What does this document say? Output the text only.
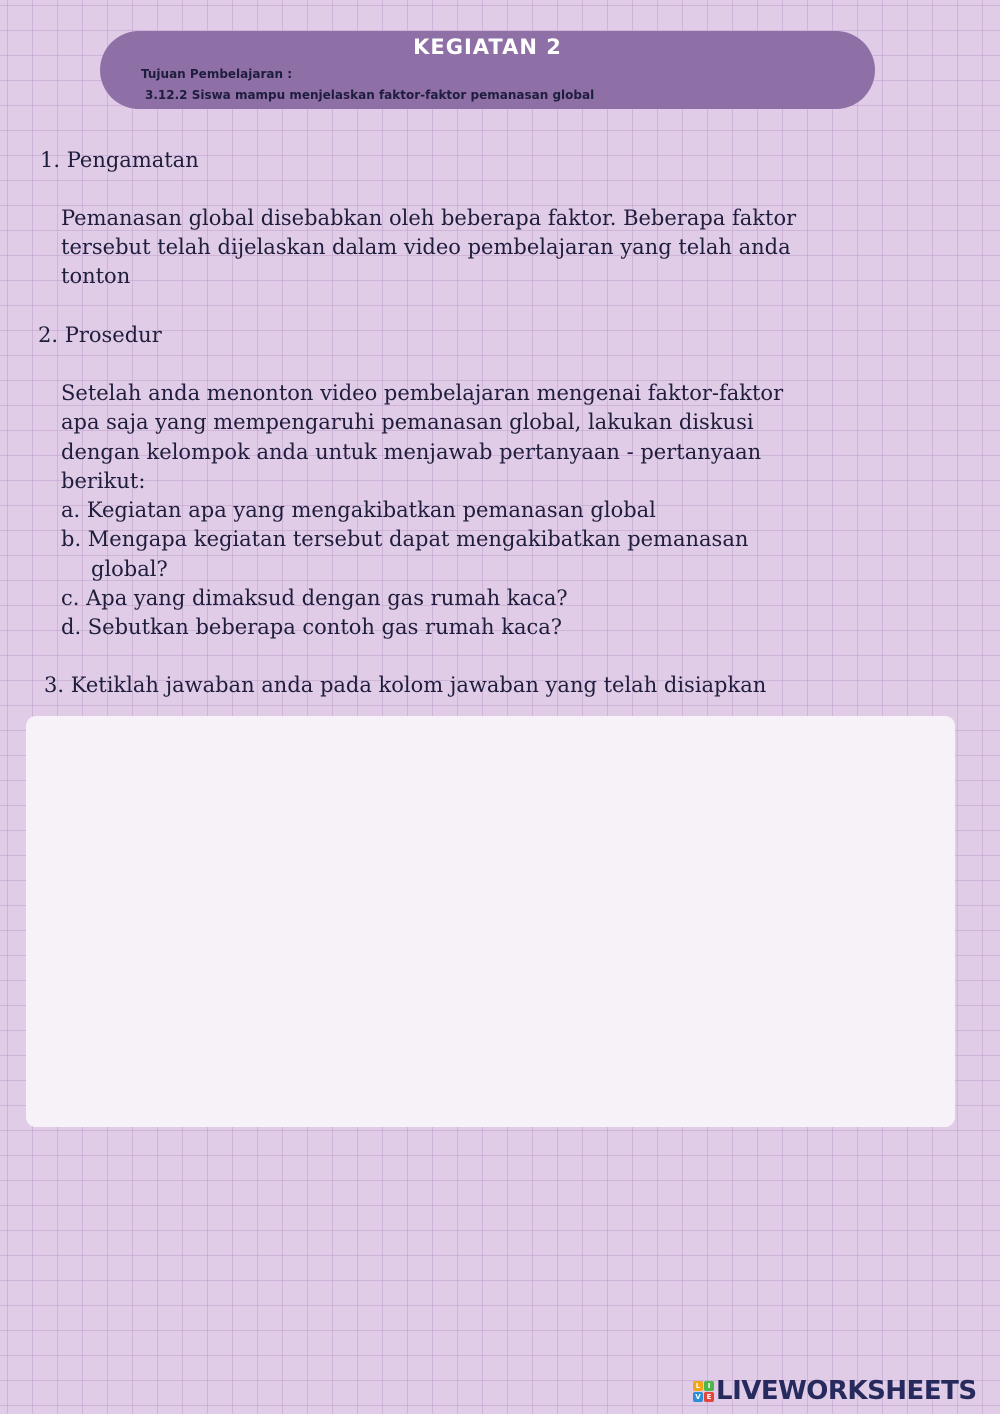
KEGIATAN 2
Tujuan Pembelajaran :
3.12.2 Siswa mampu menjelaskan faktor-faktor pemanasan global
1. Pengamatan
Pemanasan global disebabkan oleh beberapa faktor. Beberapa faktor
tersebut telah dijelaskan dalam video pembelajaran yang telah anda
tonton
2. Prosedur
Setelah anda menonton video pembelajaran mengenai faktor-faktor
apa saja yang mempengaruhi pemanasan global, lakukan diskusi
dengan kelompok anda untuk menjawab pertanyaan - pertanyaan
berikut:
a. Kegiatan apa yang mengakibatkan pemanasan global
b. Mengapa kegiatan tersebut dapat mengakibatkan pemanasan
global?
c. Apa yang dimaksud dengan gas rumah kaca?
d. Sebutkan beberapa contoh gas rumah kaca?
3. Ketiklah jawaban anda pada kolom jawaban yang telah disiapkan
L	I
V E LIVEWORKSHEETS
